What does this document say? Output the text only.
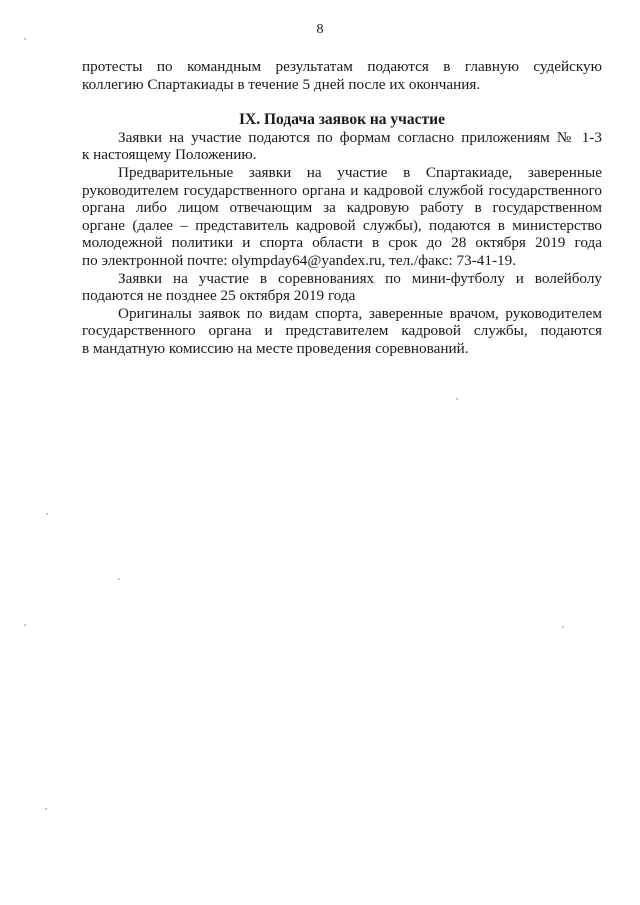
8

протесты по командным результатам подаются в главную судейскую
коллегию Спартакиады в течение 5 дней после их окончания.

IX. Подача заявок на участие

Заявки на участие подаются по формам согласно приложениям № 1-3
к настоящему Положению.

Предварительные заявки на участие в Спартакиаде, заверенные
руководителем государственного органа и кадровой службой государственного
органа либо лицом отвечающим за кадровую работу в государственном
органе (далее – представитель кадровой службы), подаются в министерство
молодежной политики и спорта области в срок до 28 октября 2019 года
по электронной почте: olympday64@yandex.ru, тел./факс: 73-41-19.

Заявки на участие в соревнованиях по мини-футболу и волейболу
подаются не позднее 25 октября 2019 года

Оригиналы заявок по видам спорта, заверенные врачом, руководителем
государственного органа и представителем кадровой службы, подаются
в мандатную комиссию на месте проведения соревнований.
